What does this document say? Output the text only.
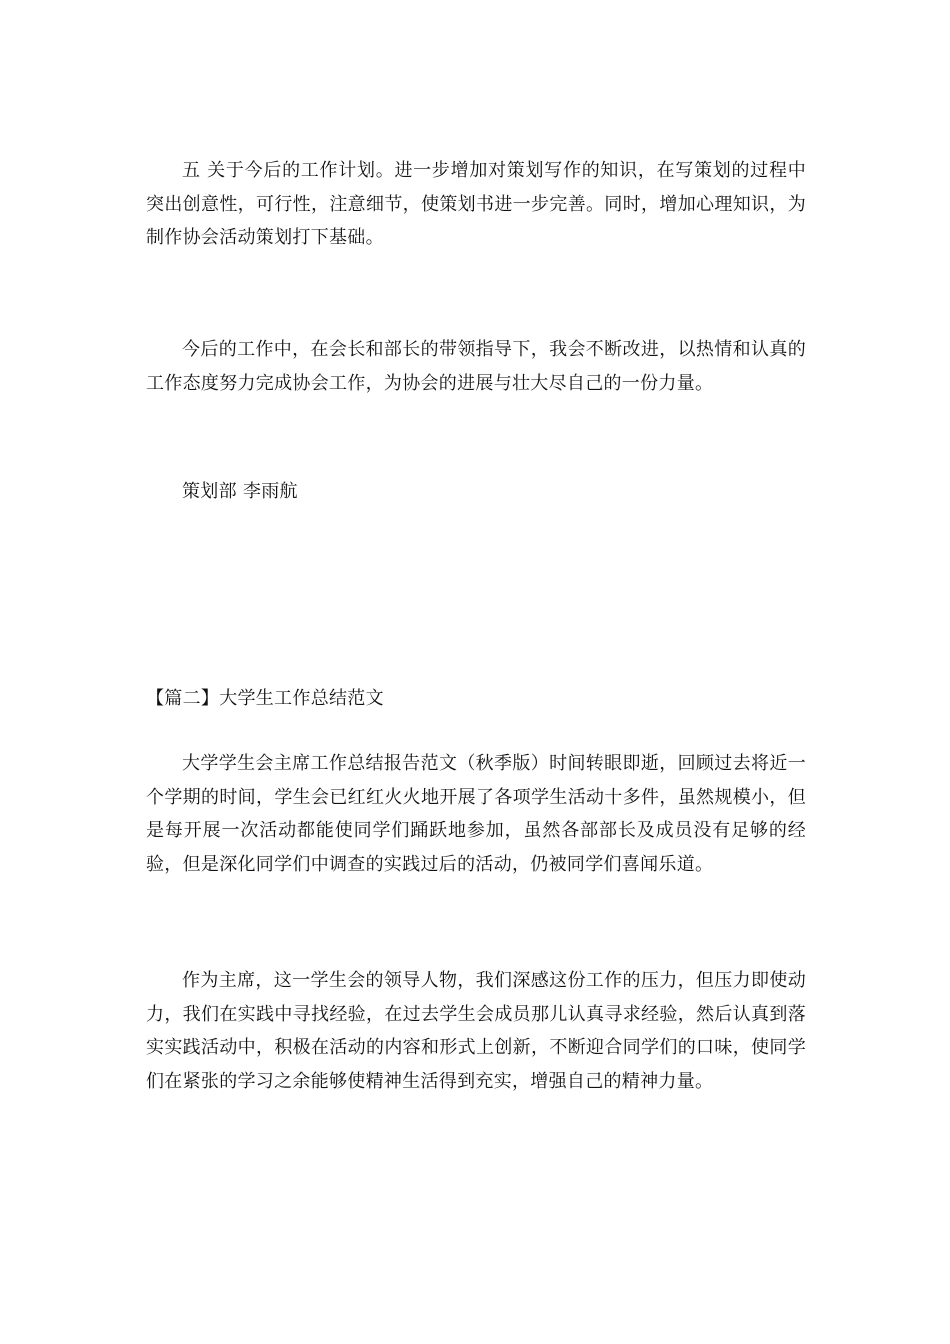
五 关于今后的工作计划。进一步增加对策划写作的知识，在写策划的过程中突出创意性，可行性，注意细节，使策划书进一步完善。同时，增加心理知识，为制作协会活动策划打下基础。

今后的工作中，在会长和部长的带领指导下，我会不断改进，以热情和认真的工作态度努力完成协会工作，为协会的进展与壮大尽自己的一份力量。

策划部 李雨航

【篇二】大学生工作总结范文

大学学生会主席工作总结报告范文（秋季版）时间转眼即逝，回顾过去将近一个学期的时间，学生会已红红火火地开展了各项学生活动十多件，虽然规模小，但是每开展一次活动都能使同学们踊跃地参加，虽然各部部长及成员没有足够的经验，但是深化同学们中调查的实践过后的活动，仍被同学们喜闻乐道。

作为主席，这一学生会的领导人物，我们深感这份工作的压力，但压力即使动力，我们在实践中寻找经验，在过去学生会成员那儿认真寻求经验，然后认真到落实实践活动中，积极在活动的内容和形式上创新，不断迎合同学们的口味，使同学们在紧张的学习之余能够使精神生活得到充实，增强自己的精神力量。
